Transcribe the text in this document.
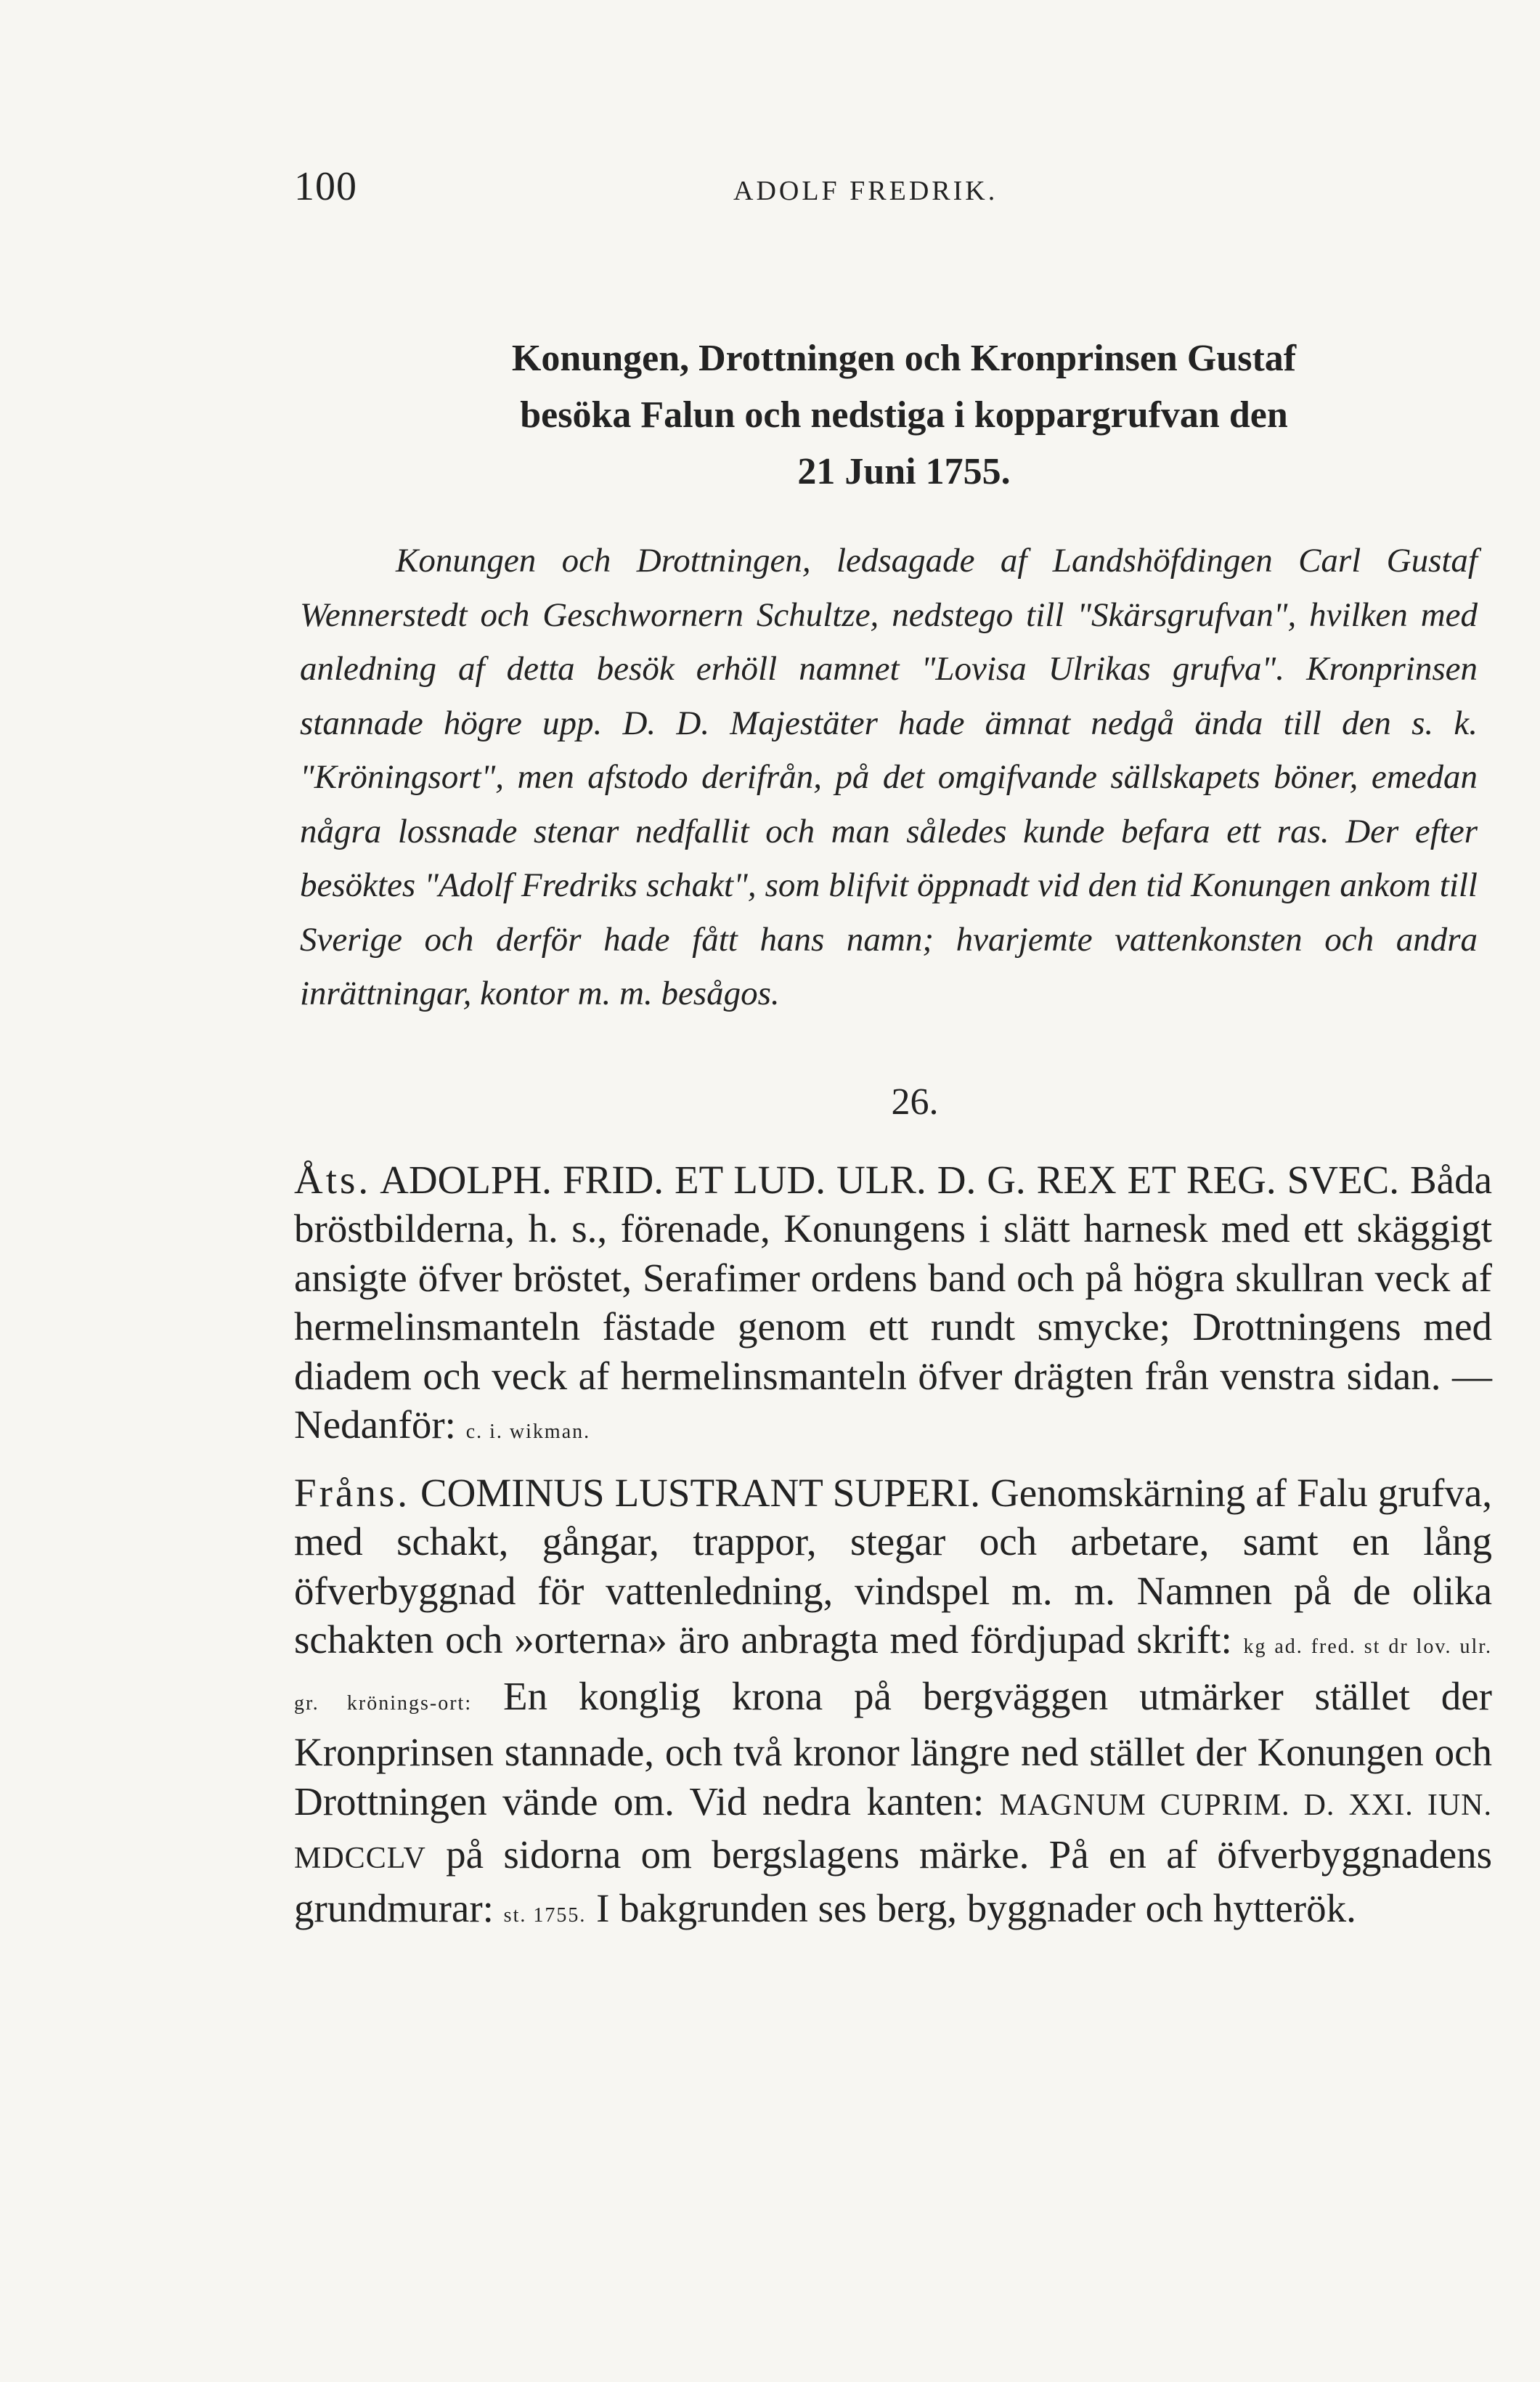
100	ADOLF FREDRIK.
Konungen, Drottningen och Kronprinsen Gustaf
besöka Falun och nedstiga i koppargrufvan den
21 Juni 1755.

Konungen och Drottningen, ledsagade af Landshöfdingen Carl Gustaf Wennerstedt och Geschwornern Schultze, nedstego till "Skärsgrufvan", hvilken med anledning af detta besök erhöll namnet "Lovisa Ulrikas grufva". Kronprinsen stannade högre upp. D. D. Majestäter hade ämnat nedgå ända till den s. k. "Kröningsort", men afstodo derifrån, på det omgifvande sällskapets böner, emedan några lossnade stenar nedfallit och man således kunde befara ett ras. Der efter besöktes "Adolf Fredriks schakt", som blifvit öppnadt vid den tid Konungen ankom till Sverige och derför hade fått hans namn; hvarjemte vattenkonsten och andra inrättningar, kontor m. m. besågos.

26.

Åts. ADOLPH. FRID. ET LUD. ULR. D. G. REX ET REG. SVEC. Båda bröstbilderna, h. s., förenade, Konungens i slätt harnesk med ett skäggigt ansigte öfver bröstet, Serafimer ordens band och på högra skullran veck af hermelinsmanteln fästade genom ett rundt smycke; Drottningens med diadem och veck af hermelinsmanteln öfver drägten från venstra sidan. — Nedanför: c. i. wikman.

Fråns. COMINUS LUSTRANT SUPERI. Genomskärning af Falu grufva, med schakt, gångar, trappor, stegar och arbetare, samt en lång öfverbyggnad för vattenledning, vindspel m. m. Namnen på de olika schakten och »orterna» äro anbragta med fördjupad skrift: kg ad. fred. st dr lov. ulr. gr. krönings-ort: En konglig krona på bergväggen utmärker stället der Kronprinsen stannade, och två kronor längre ned stället der Konungen och Drottningen vände om. Vid nedra kanten: MAGNUM CUPRIM. D. XXI. IUN. MDCCLV på sidorna om bergslagens märke. På en af öfverbyggnadens grundmurar: st. 1755. I bakgrunden ses berg, byggnader och hytterök.
